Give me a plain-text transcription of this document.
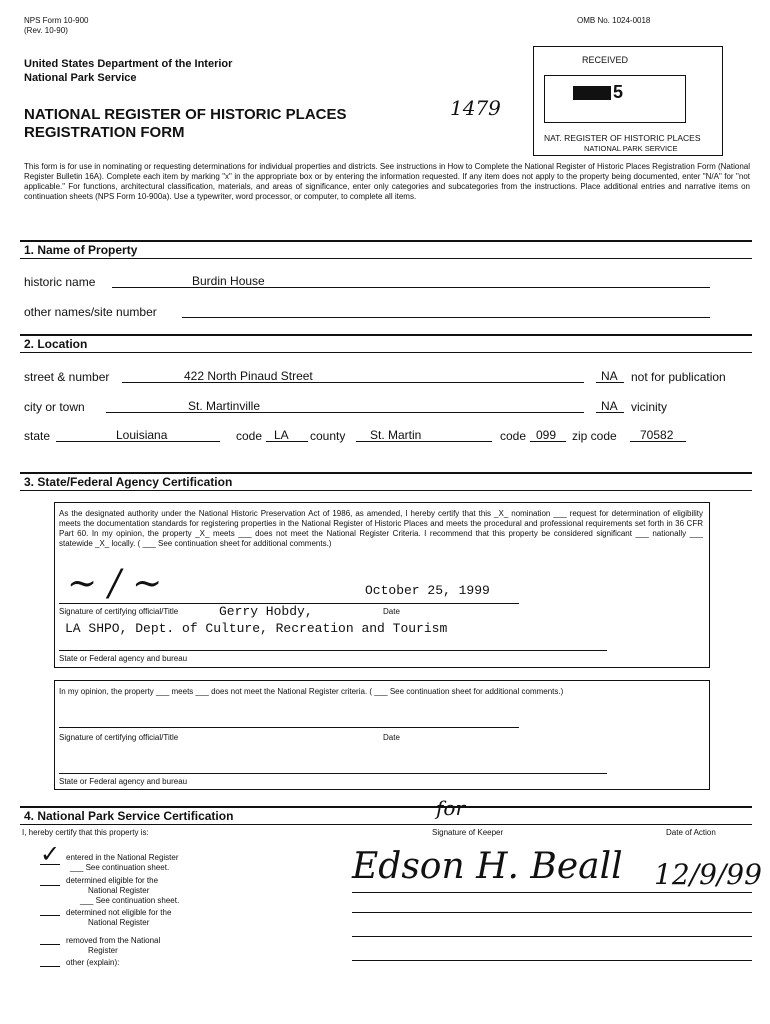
NPS Form 10-900
(Rev. 10-90)
OMB No. 1024-0018
United States Department of the Interior
National Park Service
NATIONAL REGISTER OF HISTORIC PLACES
REGISTRATION FORM
1479
RECEIVED
5
NAT. REGISTER OF HISTORIC PLACES
NATIONAL PARK SERVICE
This form is for use in nominating or requesting determinations for individual properties and districts. See instructions in How to Complete the National Register of Historic Places Registration Form (National Register Bulletin 16A). Complete each item by marking "x" in the appropriate box or by entering the information requested. If any item does not apply to the property being documented, enter "N/A" for "not applicable." For functions, architectural classification, materials, and areas of significance, enter only categories and subcategories from the instructions. Place additional entries and narrative items on continuation sheets (NPS Form 10-900a). Use a typewriter, word processor, or computer, to complete all items.
1. Name of Property
historic name	Burdin House
other names/site number
2. Location
street & number	422 North Pinaud Street	NA not for publication
city or town	St. Martinville	NA vicinity
state	Louisiana	code LA county St. Martin	code 099 zip code 70582
3. State/Federal Agency Certification
As the designated authority under the National Historic Preservation Act of 1986, as amended, I hereby certify that this _X_ nomination ___ request for determination of eligibility meets the documentation standards for registering properties in the National Register of Historic Places and meets the procedural and professional requirements set forth in 36 CFR Part 60. In my opinion, the property _X_ meets ___ does not meet the National Register Criteria. I recommend that this property be considered significant ___ nationally ___ statewide _X_ locally. ( ___ See continuation sheet for additional comments.)
~ / ~	October 25, 1999
Signature of certifying official/Title	Gerry Hobdy,	Date
LA SHPO, Dept. of Culture, Recreation and Tourism
State or Federal agency and bureau
In my opinion, the property ___ meets ___ does not meet the National Register criteria. ( ___ See continuation sheet for additional comments.)
Signature of certifying official/Title	Date
State or Federal agency and bureau
4. National Park Service Certification
I, hereby certify that this property is:	Signature of Keeper	Date of Action
for
Edson H. Beall 12/9/99
✓ entered in the National Register
___ See continuation sheet.
determined eligible for the
National Register
___ See continuation sheet.
determined not eligible for the
National Register
removed from the National
Register
other (explain):
